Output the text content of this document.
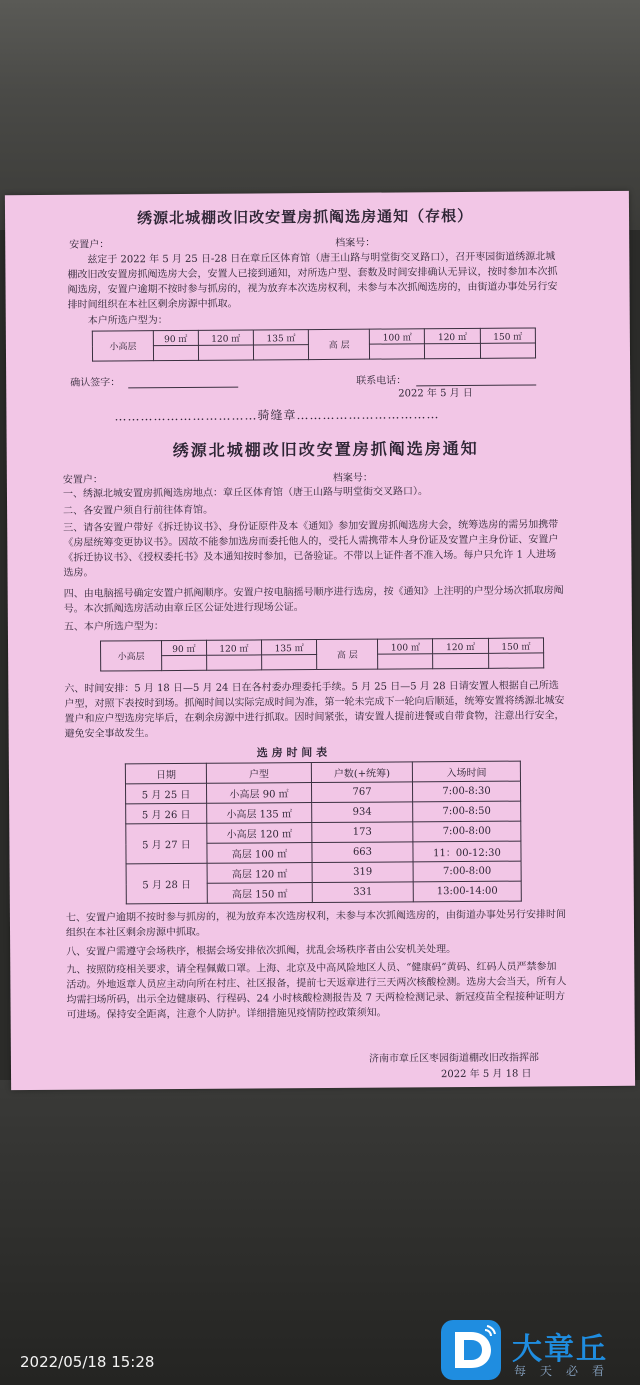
绣源北城棚改旧改安置房抓阄选房通知（存根）
安置户：	档案号：
兹定于 2022 年 5 月 25 日-28 日在章丘区体育馆（唐王山路与明堂街交叉路口），召开枣园街道绣源北城棚改旧改安置房抓阄选房大会，安置人已接到通知，对所选户型、套数及时间安排确认无异议，按时参加本次抓阄选房，安置户逾期不按时参与抓房的，视为放弃本次选房权利，未参与本次抓阄选房的，由街道办事处另行安排时间组织在本社区剩余房源中抓取。
本户所选户型为：
小高层	90 ㎡	120 ㎡	135 ㎡	高 层	100 ㎡	120 ㎡	150 ㎡

确认签字：	联系电话：
2022 年 5 月 日
……………………………骑缝章……………………………
绣源北城棚改旧改安置房抓阄选房通知
安置户：	档案号：
一、绣源北城安置房抓阄选房地点：章丘区体育馆（唐王山路与明堂街交叉路口）。
二、各安置户须自行前往体育馆。
三、请各安置户带好《拆迁协议书》、身份证原件及本《通知》参加安置房抓阄选房大会，统筹选房的需另加携带《房屋统筹变更协议书》。因故不能参加选房而委托他人的，受托人需携带本人身份证及安置户主身份证、安置户《拆迁协议书》、《授权委托书》及本通知按时参加，已备验证。不带以上证件者不准入场。每户只允许 1 人进场选房。
四、由电脑摇号确定安置户抓阄顺序。安置户按电脑摇号顺序进行选房，按《通知》上注明的户型分场次抓取房阄号。本次抓阄选房活动由章丘区公证处进行现场公证。
五、本户所选户型为：
小高层	90 ㎡	120 ㎡	135 ㎡	高 层	100 ㎡	120 ㎡	150 ㎡

六、时间安排：5 月 18 日—5 月 24 日在各村委办理委托手续。5 月 25 日—5 月 28 日请安置人根据自己所选户型，对照下表按时到场。抓阄时间以实际完成时间为准，第一轮未完成下一轮向后顺延，统筹安置将绣源北城安置户和应户型选房完毕后，在剩余房源中进行抓取。因时间紧张，请安置人提前进餐或自带食物，注意出行安全，避免安全事故发生。
选 房 时 间 表
日期	户型	户数(+统筹)	入场时间
5 月 25 日	小高层 90 ㎡	767	7:00-8:30
5 月 26 日	小高层 135 ㎡	934	7:00-8:50
5 月 27 日	小高层 120 ㎡	173	7:00-8:00
	高层 100 ㎡	663	11：00-12:30
5 月 28 日	高层 120 ㎡	319	7:00-8:00
	高层 150 ㎡	331	13:00-14:00
七、安置户逾期不按时参与抓房的，视为放弃本次选房权利，未参与本次抓阄选房的，由街道办事处另行安排时间组织在本社区剩余房源中抓取。
八、安置户需遵守会场秩序，根据会场安排依次抓阄，扰乱会场秩序者由公安机关处理。
九、按照防疫相关要求，请全程佩戴口罩。上海、北京及中高风险地区人员、“健康码”黄码、红码人员严禁参加活动。外地返章人员应主动向所在村庄、社区报备，提前七天返章进行三天两次核酸检测。选房大会当天，所有人均需扫场所码，出示全边健康码、行程码、24 小时核酸检测报告及 7 天两检检测记录、新冠疫苗全程接种证明方可进场。保持安全距离，注意个人防护。详细措施见疫情防控政策须知。
济南市章丘区枣园街道棚改旧改指挥部
2022 年 5 月 18 日
2022/05/18 15:28	大章丘
每天必看
